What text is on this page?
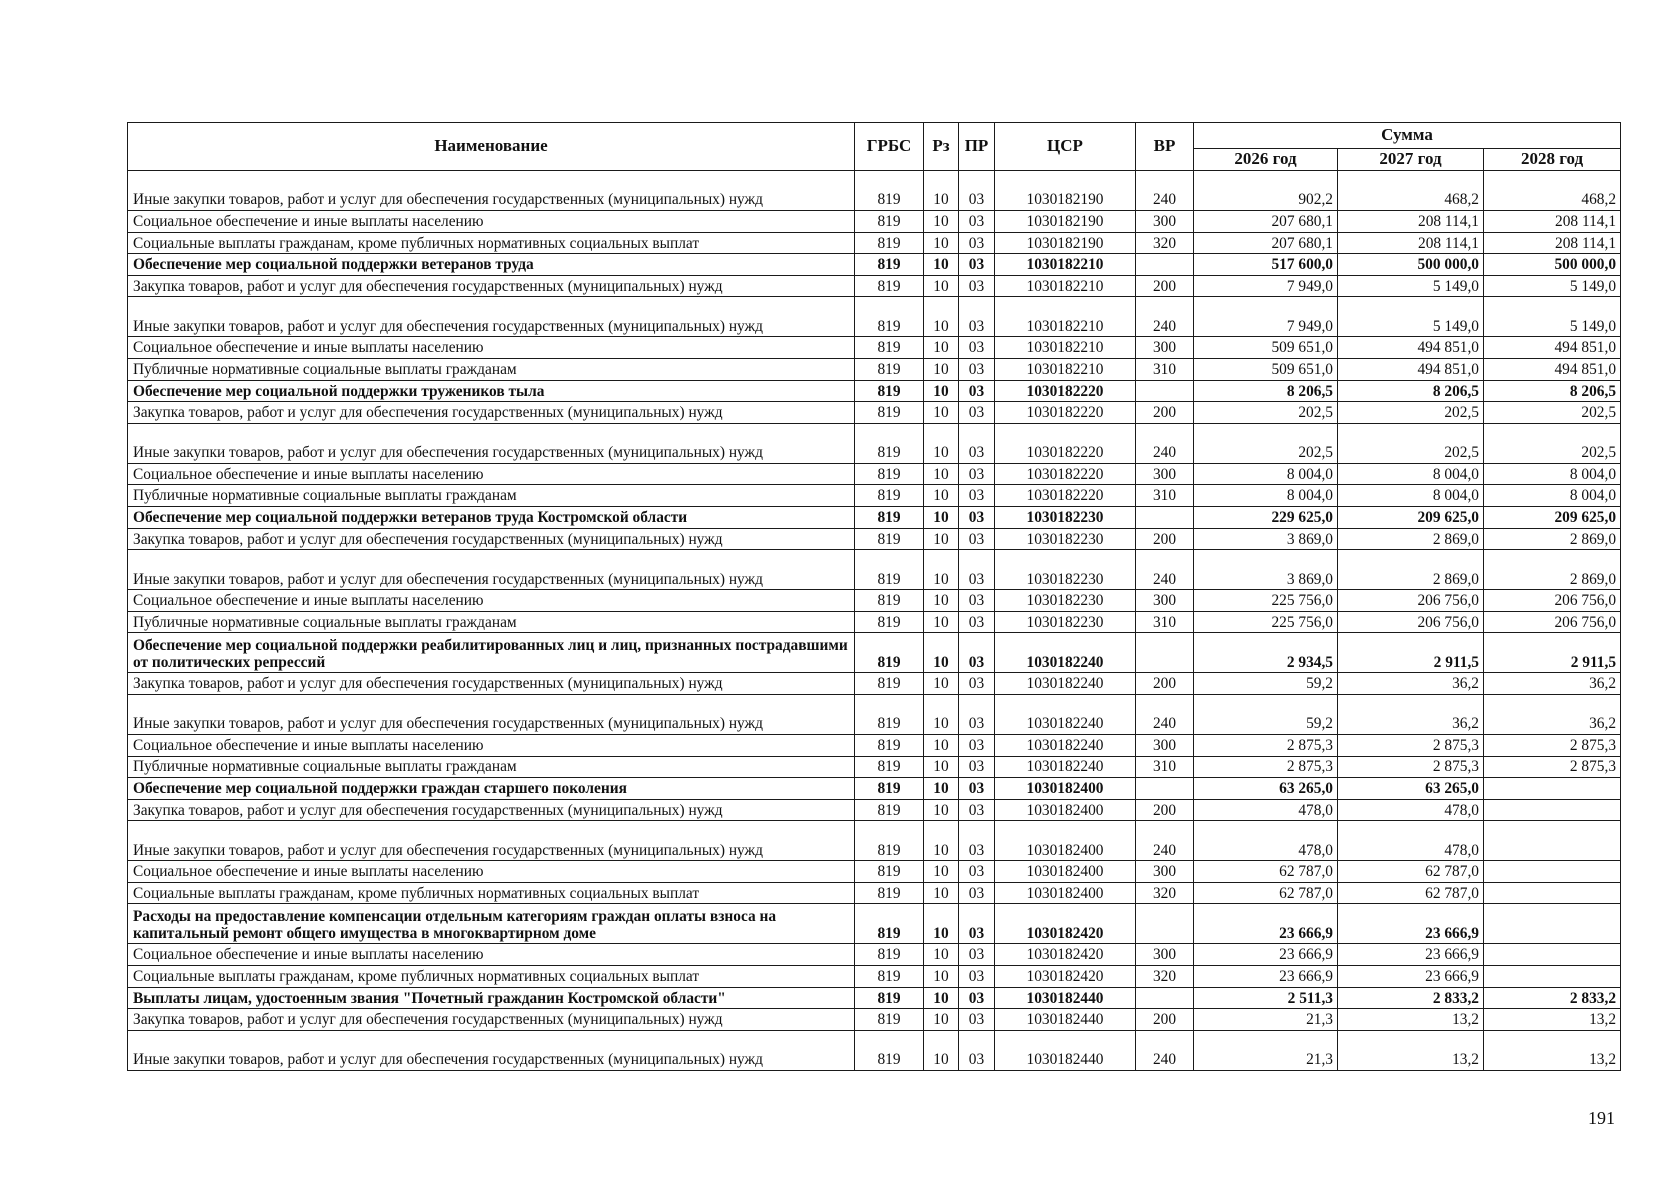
Наименование	ГРБС	Рз	ПР	ЦСР	ВР	Сумма		
						2026 год	2027 год	2028 год
Иные закупки товаров, работ и услуг для обеспечения государственных (муниципальных) нужд	819	10	03	1030182190	240	902,2	468,2	468,2
Социальное обеспечение и иные выплаты населению	819	10	03	1030182190	300	207 680,1	208 114,1	208 114,1
Социальные выплаты гражданам, кроме публичных нормативных социальных выплат	819	10	03	1030182190	320	207 680,1	208 114,1	208 114,1
Обеспечение мер социальной поддержки ветеранов труда	819	10	03	1030182210		517 600,0	500 000,0	500 000,0
Закупка товаров, работ и услуг для обеспечения государственных (муниципальных) нужд	819	10	03	1030182210	200	7 949,0	5 149,0	5 149,0
Иные закупки товаров, работ и услуг для обеспечения государственных (муниципальных) нужд	819	10	03	1030182210	240	7 949,0	5 149,0	5 149,0
Социальное обеспечение и иные выплаты населению	819	10	03	1030182210	300	509 651,0	494 851,0	494 851,0
Публичные нормативные социальные выплаты гражданам	819	10	03	1030182210	310	509 651,0	494 851,0	494 851,0
Обеспечение мер социальной поддержки тружеников тыла	819	10	03	1030182220		8 206,5	8 206,5	8 206,5
Закупка товаров, работ и услуг для обеспечения государственных (муниципальных) нужд	819	10	03	1030182220	200	202,5	202,5	202,5
Иные закупки товаров, работ и услуг для обеспечения государственных (муниципальных) нужд	819	10	03	1030182220	240	202,5	202,5	202,5
Социальное обеспечение и иные выплаты населению	819	10	03	1030182220	300	8 004,0	8 004,0	8 004,0
Публичные нормативные социальные выплаты гражданам	819	10	03	1030182220	310	8 004,0	8 004,0	8 004,0
Обеспечение мер социальной поддержки ветеранов труда Костромской области	819	10	03	1030182230		229 625,0	209 625,0	209 625,0
Закупка товаров, работ и услуг для обеспечения государственных (муниципальных) нужд	819	10	03	1030182230	200	3 869,0	2 869,0	2 869,0
Иные закупки товаров, работ и услуг для обеспечения государственных (муниципальных) нужд	819	10	03	1030182230	240	3 869,0	2 869,0	2 869,0
Социальное обеспечение и иные выплаты населению	819	10	03	1030182230	300	225 756,0	206 756,0	206 756,0
Публичные нормативные социальные выплаты гражданам	819	10	03	1030182230	310	225 756,0	206 756,0	206 756,0
Обеспечение мер социальной поддержки реабилитированных лиц и лиц, признанных пострадавшими от политических репрессий	819	10	03	1030182240		2 934,5	2 911,5	2 911,5
Закупка товаров, работ и услуг для обеспечения государственных (муниципальных) нужд	819	10	03	1030182240	200	59,2	36,2	36,2
Иные закупки товаров, работ и услуг для обеспечения государственных (муниципальных) нужд	819	10	03	1030182240	240	59,2	36,2	36,2
Социальное обеспечение и иные выплаты населению	819	10	03	1030182240	300	2 875,3	2 875,3	2 875,3
Публичные нормативные социальные выплаты гражданам	819	10	03	1030182240	310	2 875,3	2 875,3	2 875,3
Обеспечение мер социальной поддержки граждан старшего поколения	819	10	03	1030182400		63 265,0	63 265,0	
Закупка товаров, работ и услуг для обеспечения государственных (муниципальных) нужд	819	10	03	1030182400	200	478,0	478,0	
Иные закупки товаров, работ и услуг для обеспечения государственных (муниципальных) нужд	819	10	03	1030182400	240	478,0	478,0	
Социальное обеспечение и иные выплаты населению	819	10	03	1030182400	300	62 787,0	62 787,0	
Социальные выплаты гражданам, кроме публичных нормативных социальных выплат	819	10	03	1030182400	320	62 787,0	62 787,0	
Расходы на предоставление компенсации отдельным категориям граждан оплаты взноса на капитальный ремонт общего имущества в многоквартирном доме	819	10	03	1030182420		23 666,9	23 666,9	
Социальное обеспечение и иные выплаты населению	819	10	03	1030182420	300	23 666,9	23 666,9	
Социальные выплаты гражданам, кроме публичных нормативных социальных выплат	819	10	03	1030182420	320	23 666,9	23 666,9	
Выплаты лицам, удостоенным звания "Почетный гражданин Костромской области"	819	10	03	1030182440		2 511,3	2 833,2	2 833,2
Закупка товаров, работ и услуг для обеспечения государственных (муниципальных) нужд	819	10	03	1030182440	200	21,3	13,2	13,2
Иные закупки товаров, работ и услуг для обеспечения государственных (муниципальных) нужд	819	10	03	1030182440	240	21,3	13,2	13,2
191
